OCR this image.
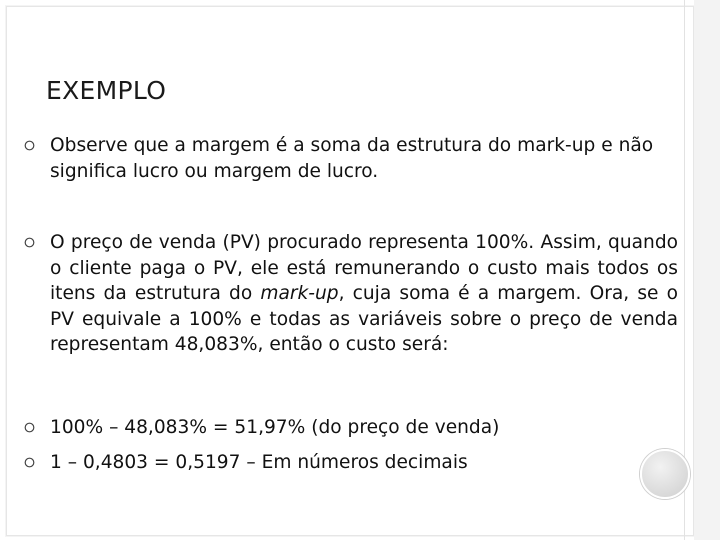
EXEMPLO
Observe que a margem é a soma da estrutura do mark-up e não significa lucro ou margem de lucro.
O preço de venda (PV) procurado representa 100%. Assim, quando o cliente paga o PV, ele está remunerando o custo mais todos os itens da estrutura do mark-up, cuja soma é a margem. Ora, se o PV equivale a 100% e todas as variáveis sobre o preço de venda representam 48,083%, então o custo será:
100% – 48,083% = 51,97% (do preço de venda)
1 – 0,4803 = 0,5197 – Em números decimais
